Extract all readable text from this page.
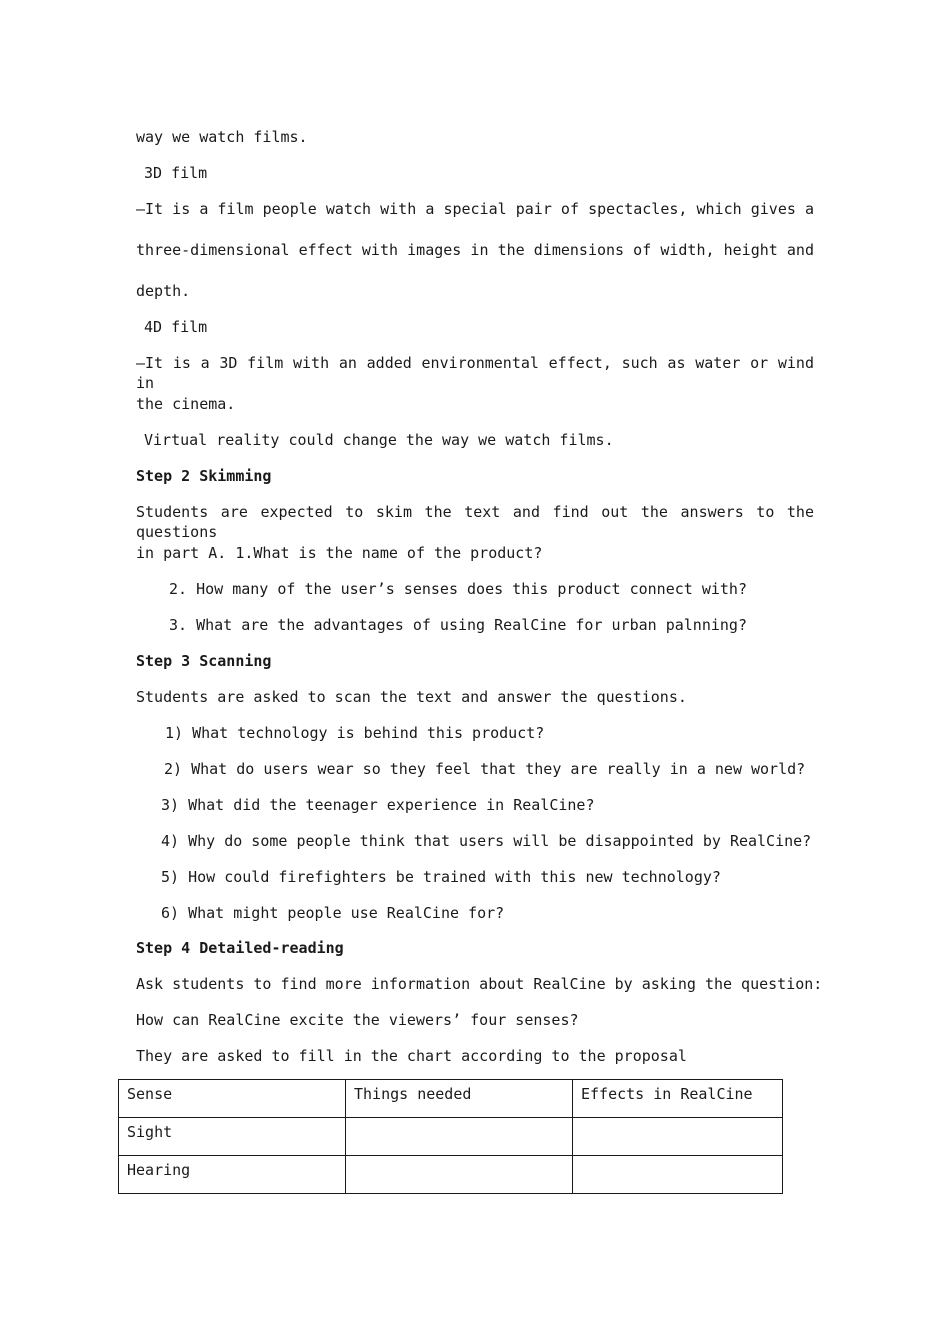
way we watch films.
3D film
—It is a film people watch with a special pair of spectacles, which gives a
three-dimensional effect with images in the dimensions of width, height and
depth.
4D film
—It is a 3D film with an added environmental effect, such as water or wind in
the cinema.
Virtual reality could change the way we watch films.
Step 2 Skimming
Students are expected to skim the text and find out the answers to the questions
in part A. 1.What is the name of the product?
2. How many of the user’s senses does this product connect with?
3. What are the advantages of using RealCine for urban palnning?
Step 3 Scanning
Students are asked to scan the text and answer the questions.
1) What technology is behind this product?
2) What do users wear so they feel that they are really in a new world?
3) What did the teenager experience in RealCine?
4) Why do some people think that users will be disappointed by RealCine?
5) How could firefighters be trained with this new technology?
6) What might people use RealCine for?
Step 4 Detailed-reading
Ask students to find more information about RealCine by asking the question:
How can RealCine excite the viewers’ four senses?
They are asked to fill in the chart according to the proposal
Sense	Things needed	Effects in RealCine
Sight		
Hearing		
